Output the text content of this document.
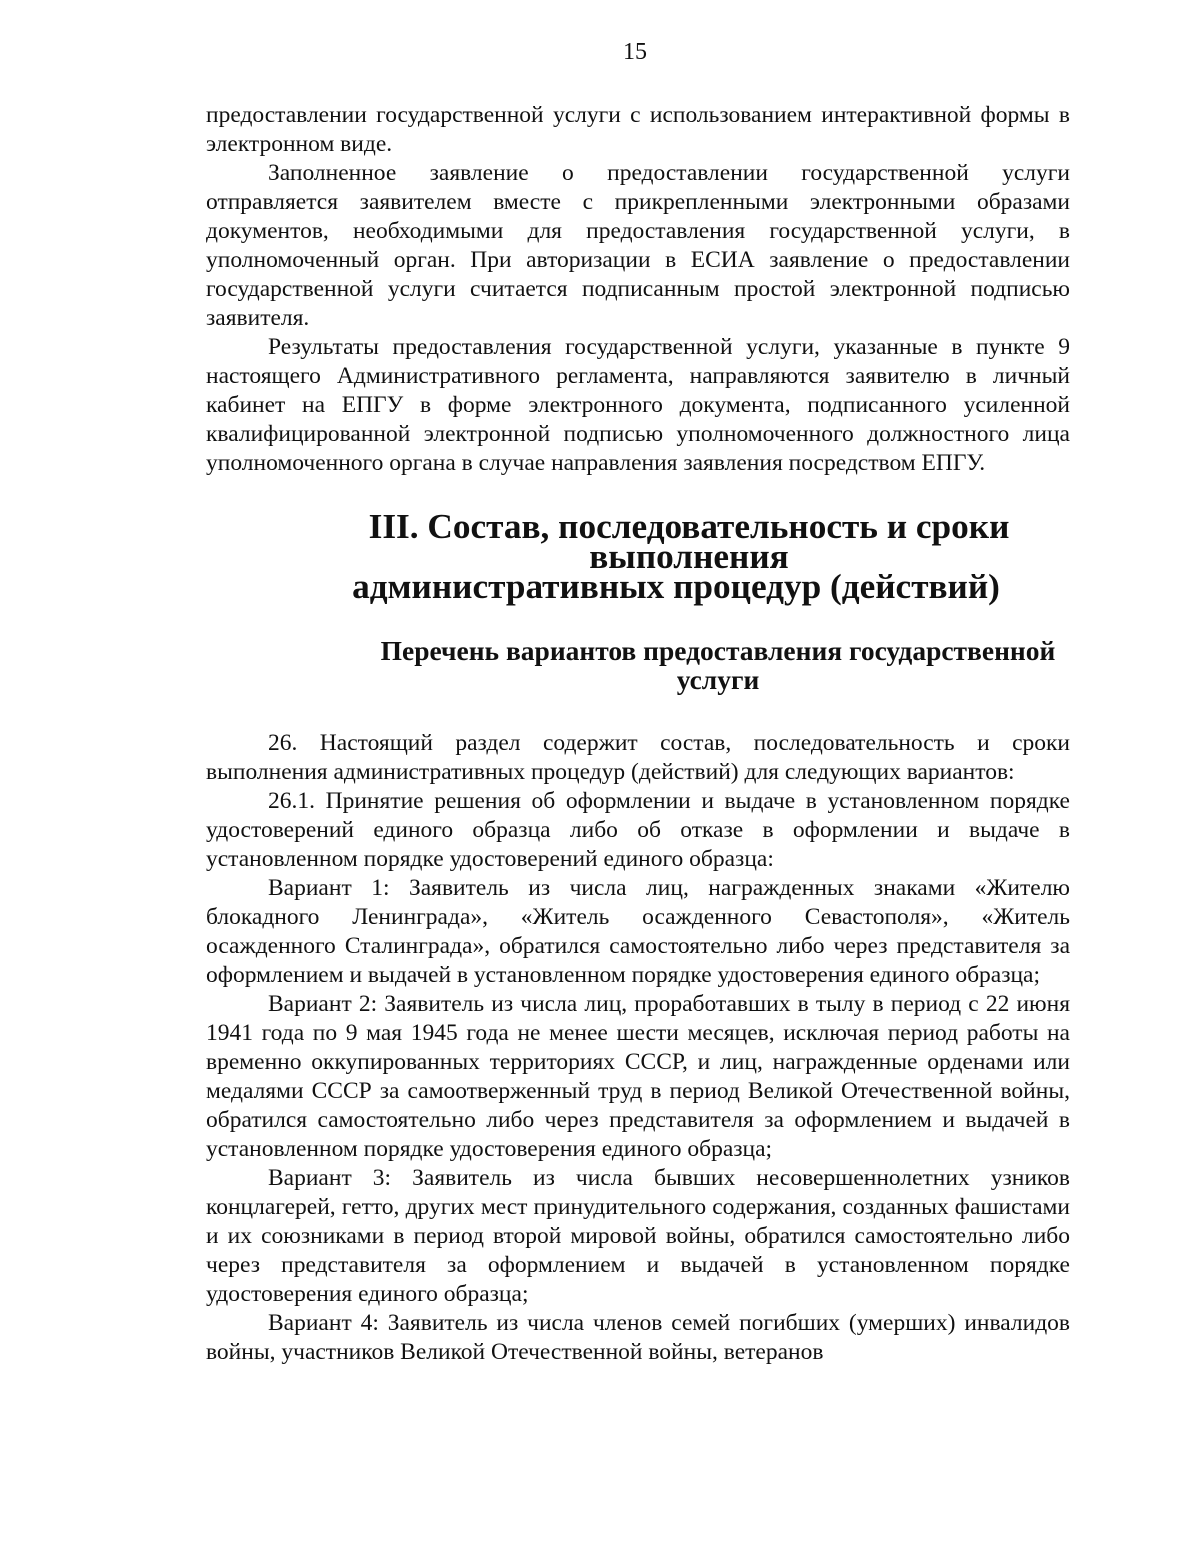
15

предоставлении государственной услуги с использованием интерактивной формы в электронном виде.

Заполненное заявление о предоставлении государственной услуги отправляется заявителем вместе с прикрепленными электронными образами документов, необходимыми для предоставления государственной услуги, в уполномоченный орган. При авторизации в ЕСИА заявление о предоставлении государственной услуги считается подписанным простой электронной подписью заявителя.

Результаты предоставления государственной услуги, указанные в пункте 9 настоящего Административного регламента, направляются заявителю в личный кабинет на ЕПГУ в форме электронного документа, подписанного усиленной квалифицированной электронной подписью уполномоченного должностного лица уполномоченного органа в случае направления заявления посредством ЕПГУ.

III. Состав, последовательность и сроки выполнения
административных процедур (действий)
Перечень вариантов предоставления государственной услуги

26. Настоящий раздел содержит состав, последовательность и сроки выполнения административных процедур (действий) для следующих вариантов:

26.1. Принятие решения об оформлении и выдаче в установленном порядке удостоверений единого образца либо об отказе в оформлении и выдаче в установленном порядке удостоверений единого образца:

Вариант 1: Заявитель из числа лиц, награжденных знаками «Жителю блокадного Ленинграда», «Житель осажденного Севастополя», «Житель осажденного Сталинграда», обратился самостоятельно либо через представителя за оформлением и выдачей в установленном порядке удостоверения единого образца;

Вариант 2: Заявитель из числа лиц, проработавших в тылу в период с 22 июня 1941 года по 9 мая 1945 года не менее шести месяцев, исключая период работы на временно оккупированных территориях СССР, и лиц, награжденные орденами или медалями СССР за самоотверженный труд в период Великой Отечественной войны, обратился самостоятельно либо через представителя за оформлением и выдачей в установленном порядке удостоверения единого образца;

Вариант 3: Заявитель из числа бывших несовершеннолетних узников концлагерей, гетто, других мест принудительного содержания, созданных фашистами и их союзниками в период второй мировой войны, обратился самостоятельно либо через представителя за оформлением и выдачей в установленном порядке удостоверения единого образца;

Вариант 4: Заявитель из числа членов семей погибших (умерших) инвалидов войны, участников Великой Отечественной войны, ветеранов
